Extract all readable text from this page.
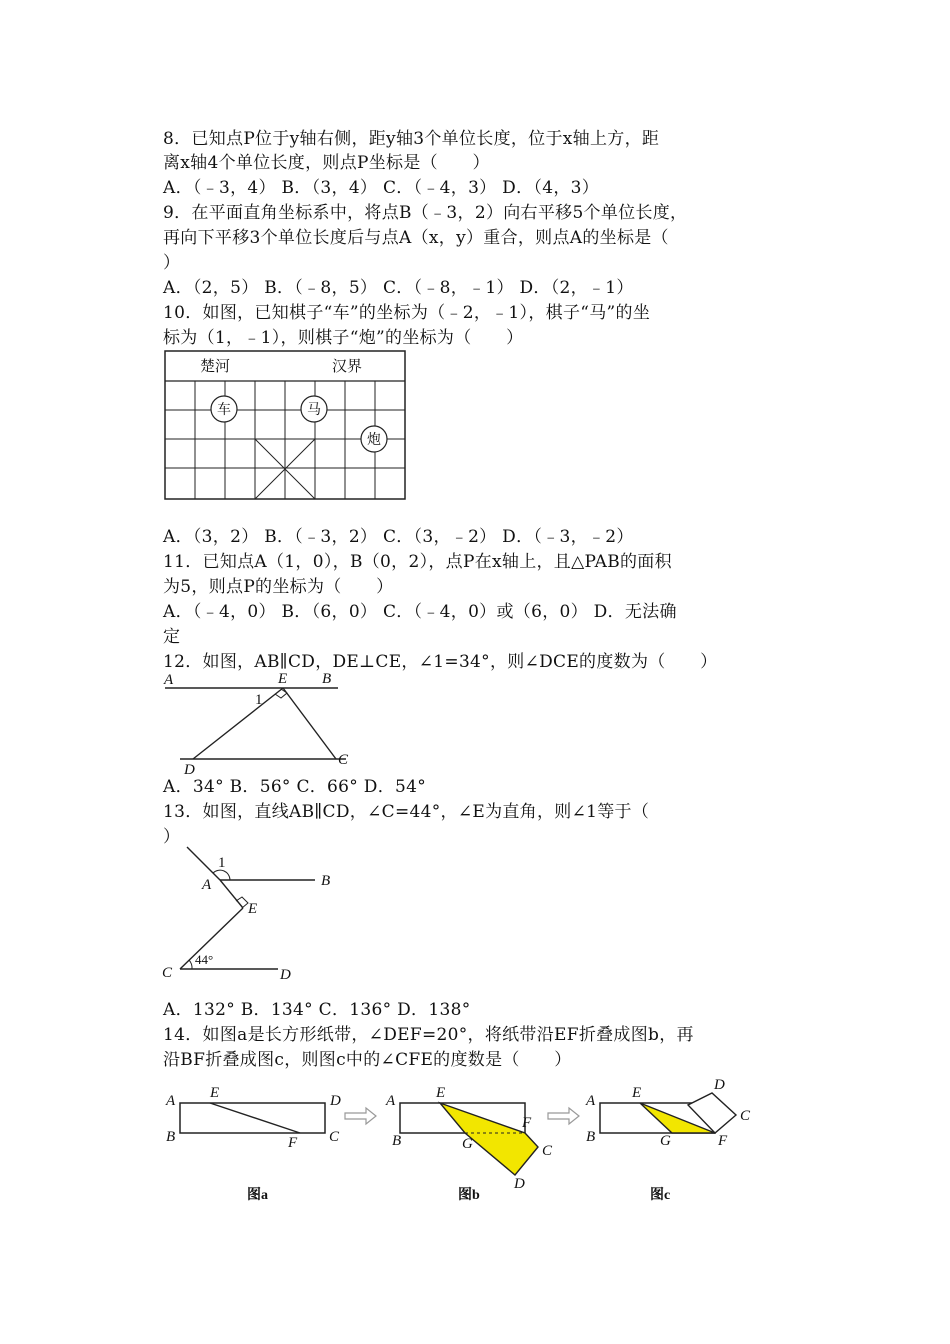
8．已知点P位于y轴右侧，距y轴3个单位长度，位于x轴上方，距
离x轴4个单位长度，则点P坐标是（　　）
A．（﹣3，4） B．（3，4） C．（﹣4，3） D．（4，3）
9．在平面直角坐标系中，将点B（﹣3，2）向右平移5个单位长度，
再向下平移3个单位长度后与点A（x，y）重合，则点A的坐标是（
）
A．（2，5） B．（﹣8，5） C．（﹣8，﹣1） D．（2，﹣1）
10．如图，已知棋子“车”的坐标为（﹣2，﹣1），棋子“马”的坐
标为（1，﹣1），则棋子“炮”的坐标为（　　）
楚河	汉界
车	马
炮
A．（3，2） B．（﹣3，2） C．（3，﹣2） D．（﹣3，﹣2）
11．已知点A（1，0），B（0，2），点P在x轴上，且△PAB的面积
为5，则点P的坐标为（　　）
A．（﹣4，0） B．（6，0） C．（﹣4，0）或（6，0） D．无法确
定
12．如图，AB∥CD，DE⊥CE，∠1=34°，则∠DCE的度数为（　　）
A	E B
1
D
C
A．34° B．56° C．66° D．54°
13．如图，直线AB∥CD，∠C=44°，∠E为直角，则∠1等于（
）
1
A	B
E
44°
C	D
A．132° B．134° C．136° D．138°
14．如图a是长方形纸带，∠DEF=20°，将纸带沿EF折叠成图b，再
沿BF折叠成图c，则图c中的∠CFE的度数是（　　）
A E	D
B	F C
图a
A	E
F
B	G	C
D
图b
A E	D
C
B	G	F
图c
